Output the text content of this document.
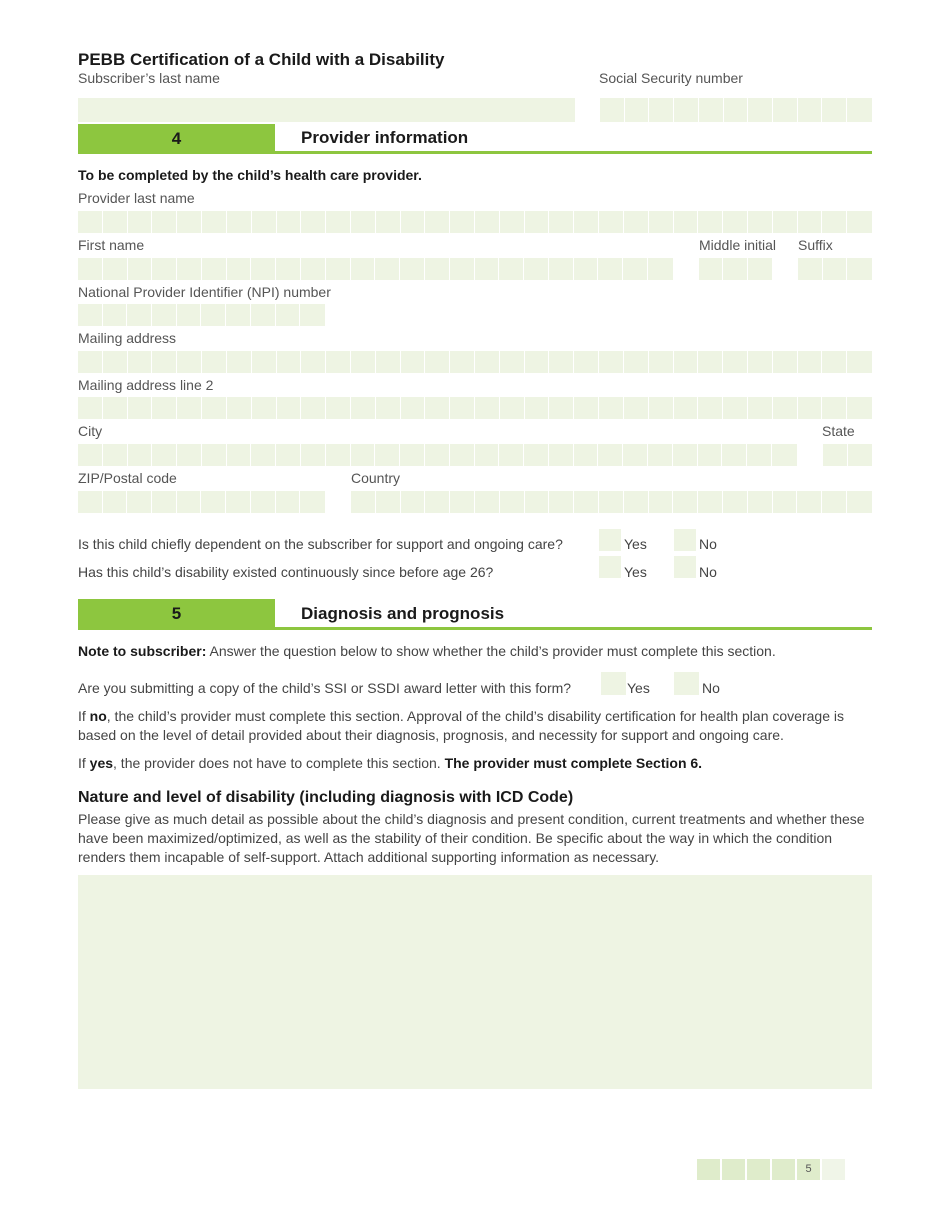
PEBB Certification of a Child with a Disability
Subscriber’s last name	Social Security number
4	Provider information
To be completed by the child’s health care provider.
Provider last name
First name	Middle initial Suffix
National Provider Identifier (NPI) number
Mailing address
Mailing address line 2
City	State
ZIP/Postal code	Country
Is this child chiefly dependent on the subscriber for support and ongoing care?	Yes	No
Has this child’s disability existed continuously since before age 26?	Yes	No
5	Diagnosis and prognosis
Note to subscriber: Answer the question below to show whether the child’s provider must complete this section.
Are you submitting a copy of the child’s SSI or SSDI award letter with this form?	Yes	No
If no, the child’s provider must complete this section. Approval of the child’s disability certification for health plan coverage is based on the level of detail provided about their diagnosis, prognosis, and necessity for support and ongoing care.
If yes, the provider does not have to complete this section. The provider must complete Section 6.
Nature and level of disability (including diagnosis with ICD Code)
Please give as much detail as possible about the child’s diagnosis and present condition, current treatments and whether these have been maximized/optimized, as well as the stability of their condition. Be specific about the way in which the condition renders them incapable of self-support. Attach additional supporting information as necessary.
5
